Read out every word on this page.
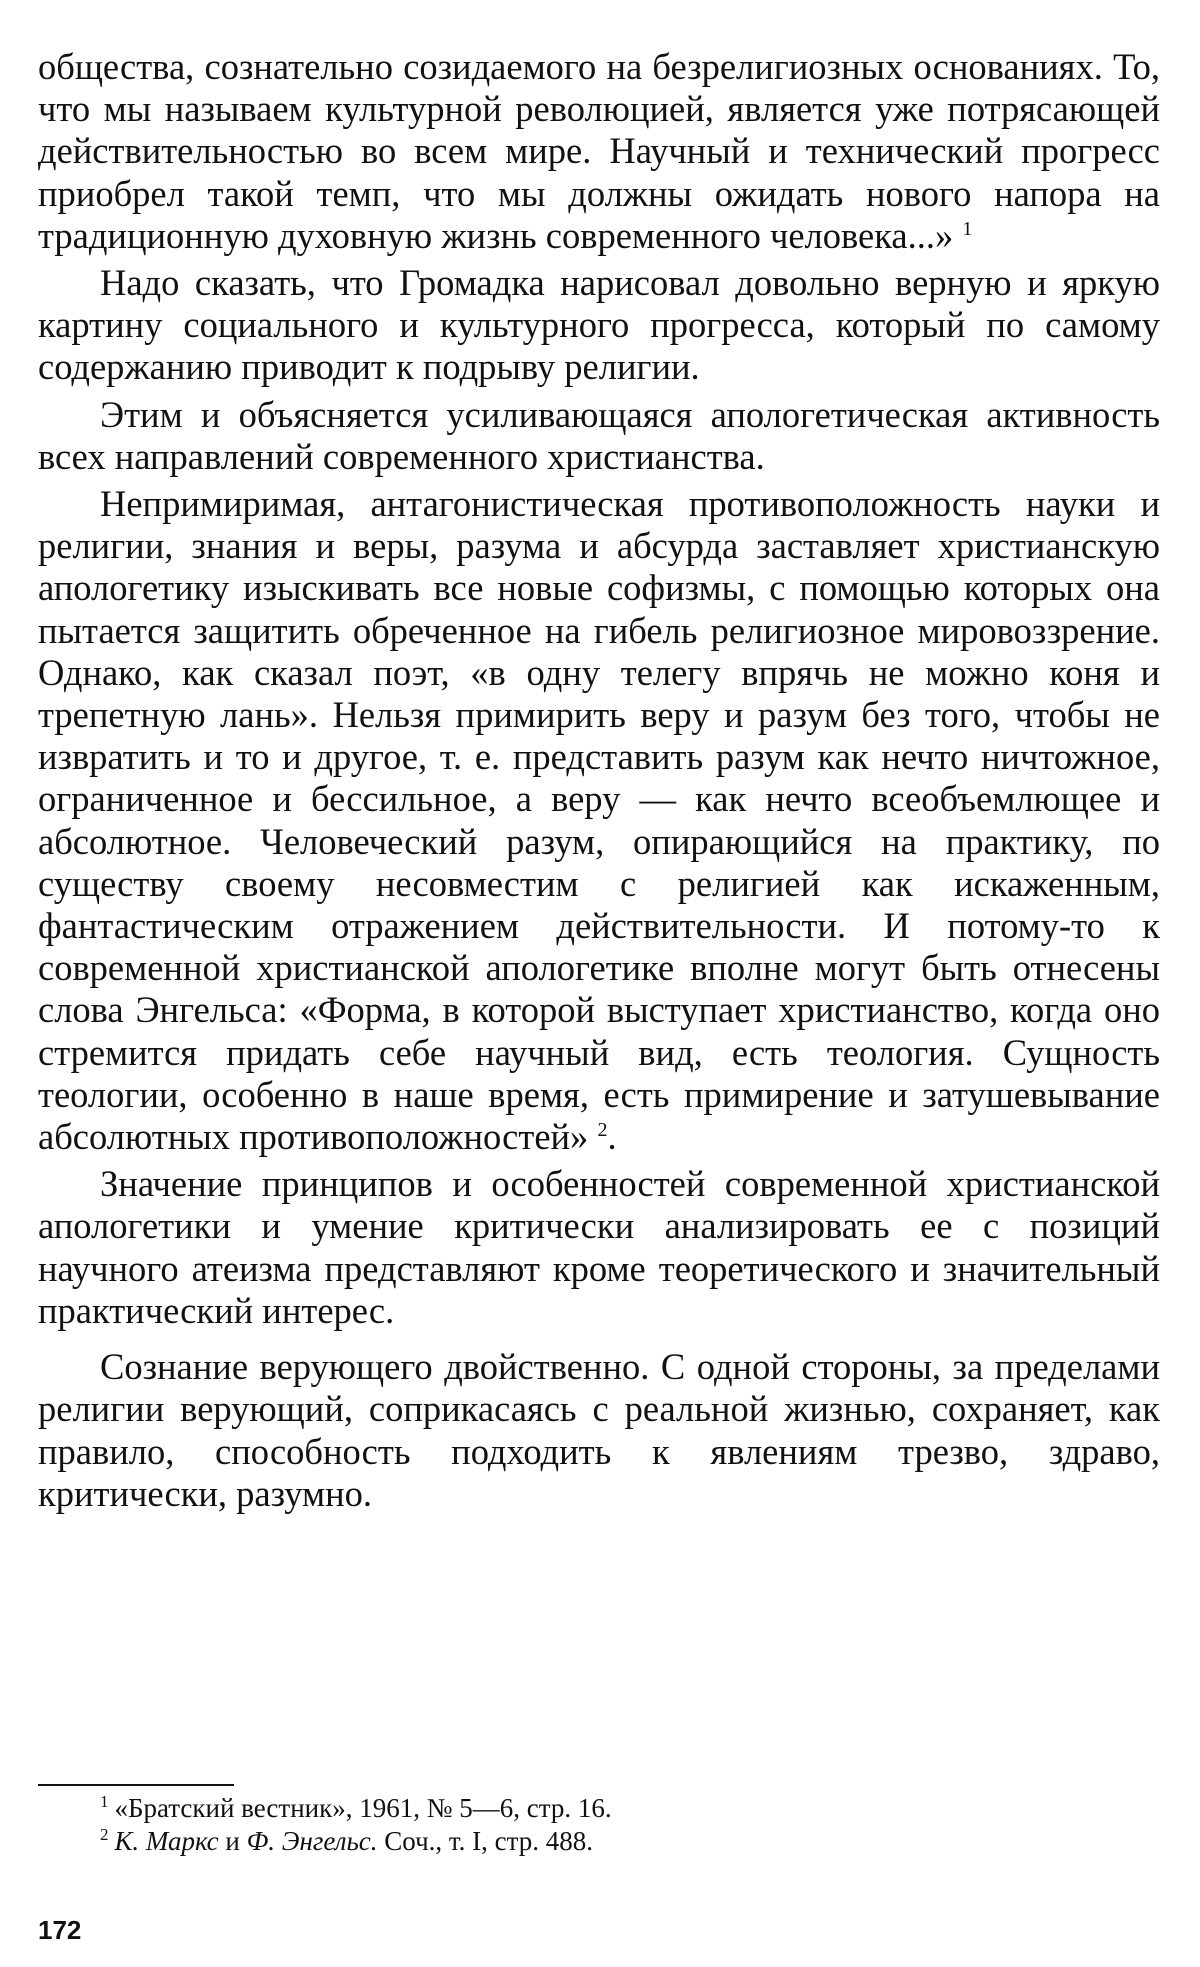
общества, сознательно созидаемого на безрелигиозных основаниях. То, что мы называем культурной революцией, является уже потрясающей действительностью во всем мире. Научный и технический прогресс приобрел такой темп, что мы должны ожидать нового напора на традиционную духовную жизнь современного человека...» $^1$

Надо сказать, что Громадка нарисовал довольно верную и яркую картину социального и культурного прогресса, который по самому содержанию приводит к подрыву религии.

Этим и объясняется усиливающаяся апологетическая активность всех направлений современного христианства.

Непримиримая, антагонистическая противоположность науки и религии, знания и веры, разума и абсурда заставляет христианскую апологетику изыскивать все новые софизмы, с помощью которых она пытается защитить обреченное на гибель религиозное мировоззрение. Однако, как сказал поэт, «в одну телегу впрячь не можно коня и трепетную лань». Нельзя примирить веру и разум без того, чтобы не извратить и то и другое, т. е. представить разум как нечто ничтожное, ограниченное и бессильное, а веру — как нечто всеобъемлющее и абсолютное. Человеческий разум, опирающийся на практику, по существу своему несовместим с религией как искаженным, фантастическим отражением действительности. И потому-то к современной христианской апологетике вполне могут быть отнесены слова Энгельса: «Форма, в которой выступает христианство, когда оно стремится придать себе научный вид, есть теология. Сущность теологии, особенно в наше время, есть примирение и затушевывание абсолютных противоположностей» $^2$.

Значение принципов и особенностей современной христианской апологетики и умение критически анализировать ее с позиций научного атеизма представляют кроме теоретического и значительный практический интерес.

Сознание верующего двойственно. С одной стороны, за пределами религии верующий, соприкасаясь с реальной жизнью, сохраняет, как правило, способность подходить к явлениям трезво, здраво, критически, разумно.

$^1$ «Братский вестник», 1961, № 5—6, стр. 16.
$^2$ К. Маркс и Ф. Энгельс. Соч., т. I, стр. 488.
172
